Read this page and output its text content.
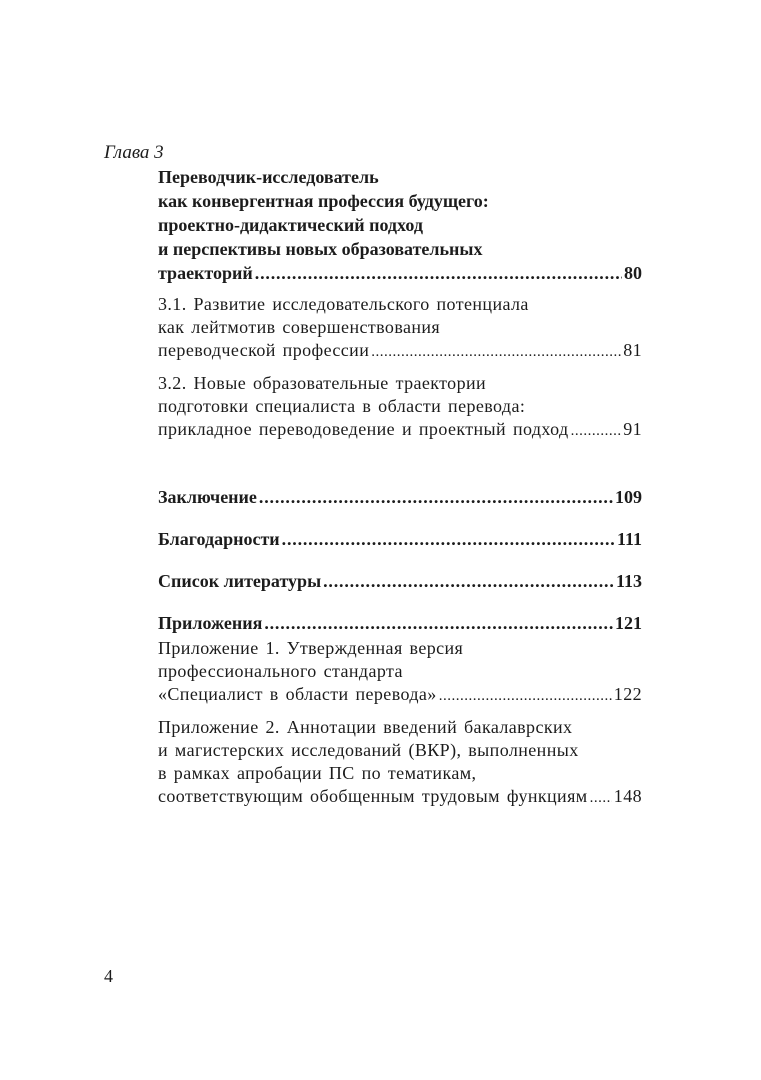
Глава 3
Переводчик-исследователь
как конвергентная профессия будущего:
проектно-дидактический подход
и перспективы новых образовательных
траекторий .....	80
3.1. Развитие исследовательского потенциала
как лейтмотив совершенствования
переводческой профессии .....	81
3.2. Новые образовательные траектории
подготовки специалиста в области перевода:
прикладное переводоведение и проектный подход .....	91
Заключение .....	109
Благодарности .....	111
Список литературы .....	113
Приложения .....	121
Приложение 1. Утвержденная версия
профессионального стандарта
«Специалист в области перевода» .....	122
Приложение 2. Аннотации введений бакалаврских
и магистерских исследований (ВКР), выполненных
в рамках апробации ПС по тематикам,
соответствующим обобщенным трудовым функциям ..... 148
4
